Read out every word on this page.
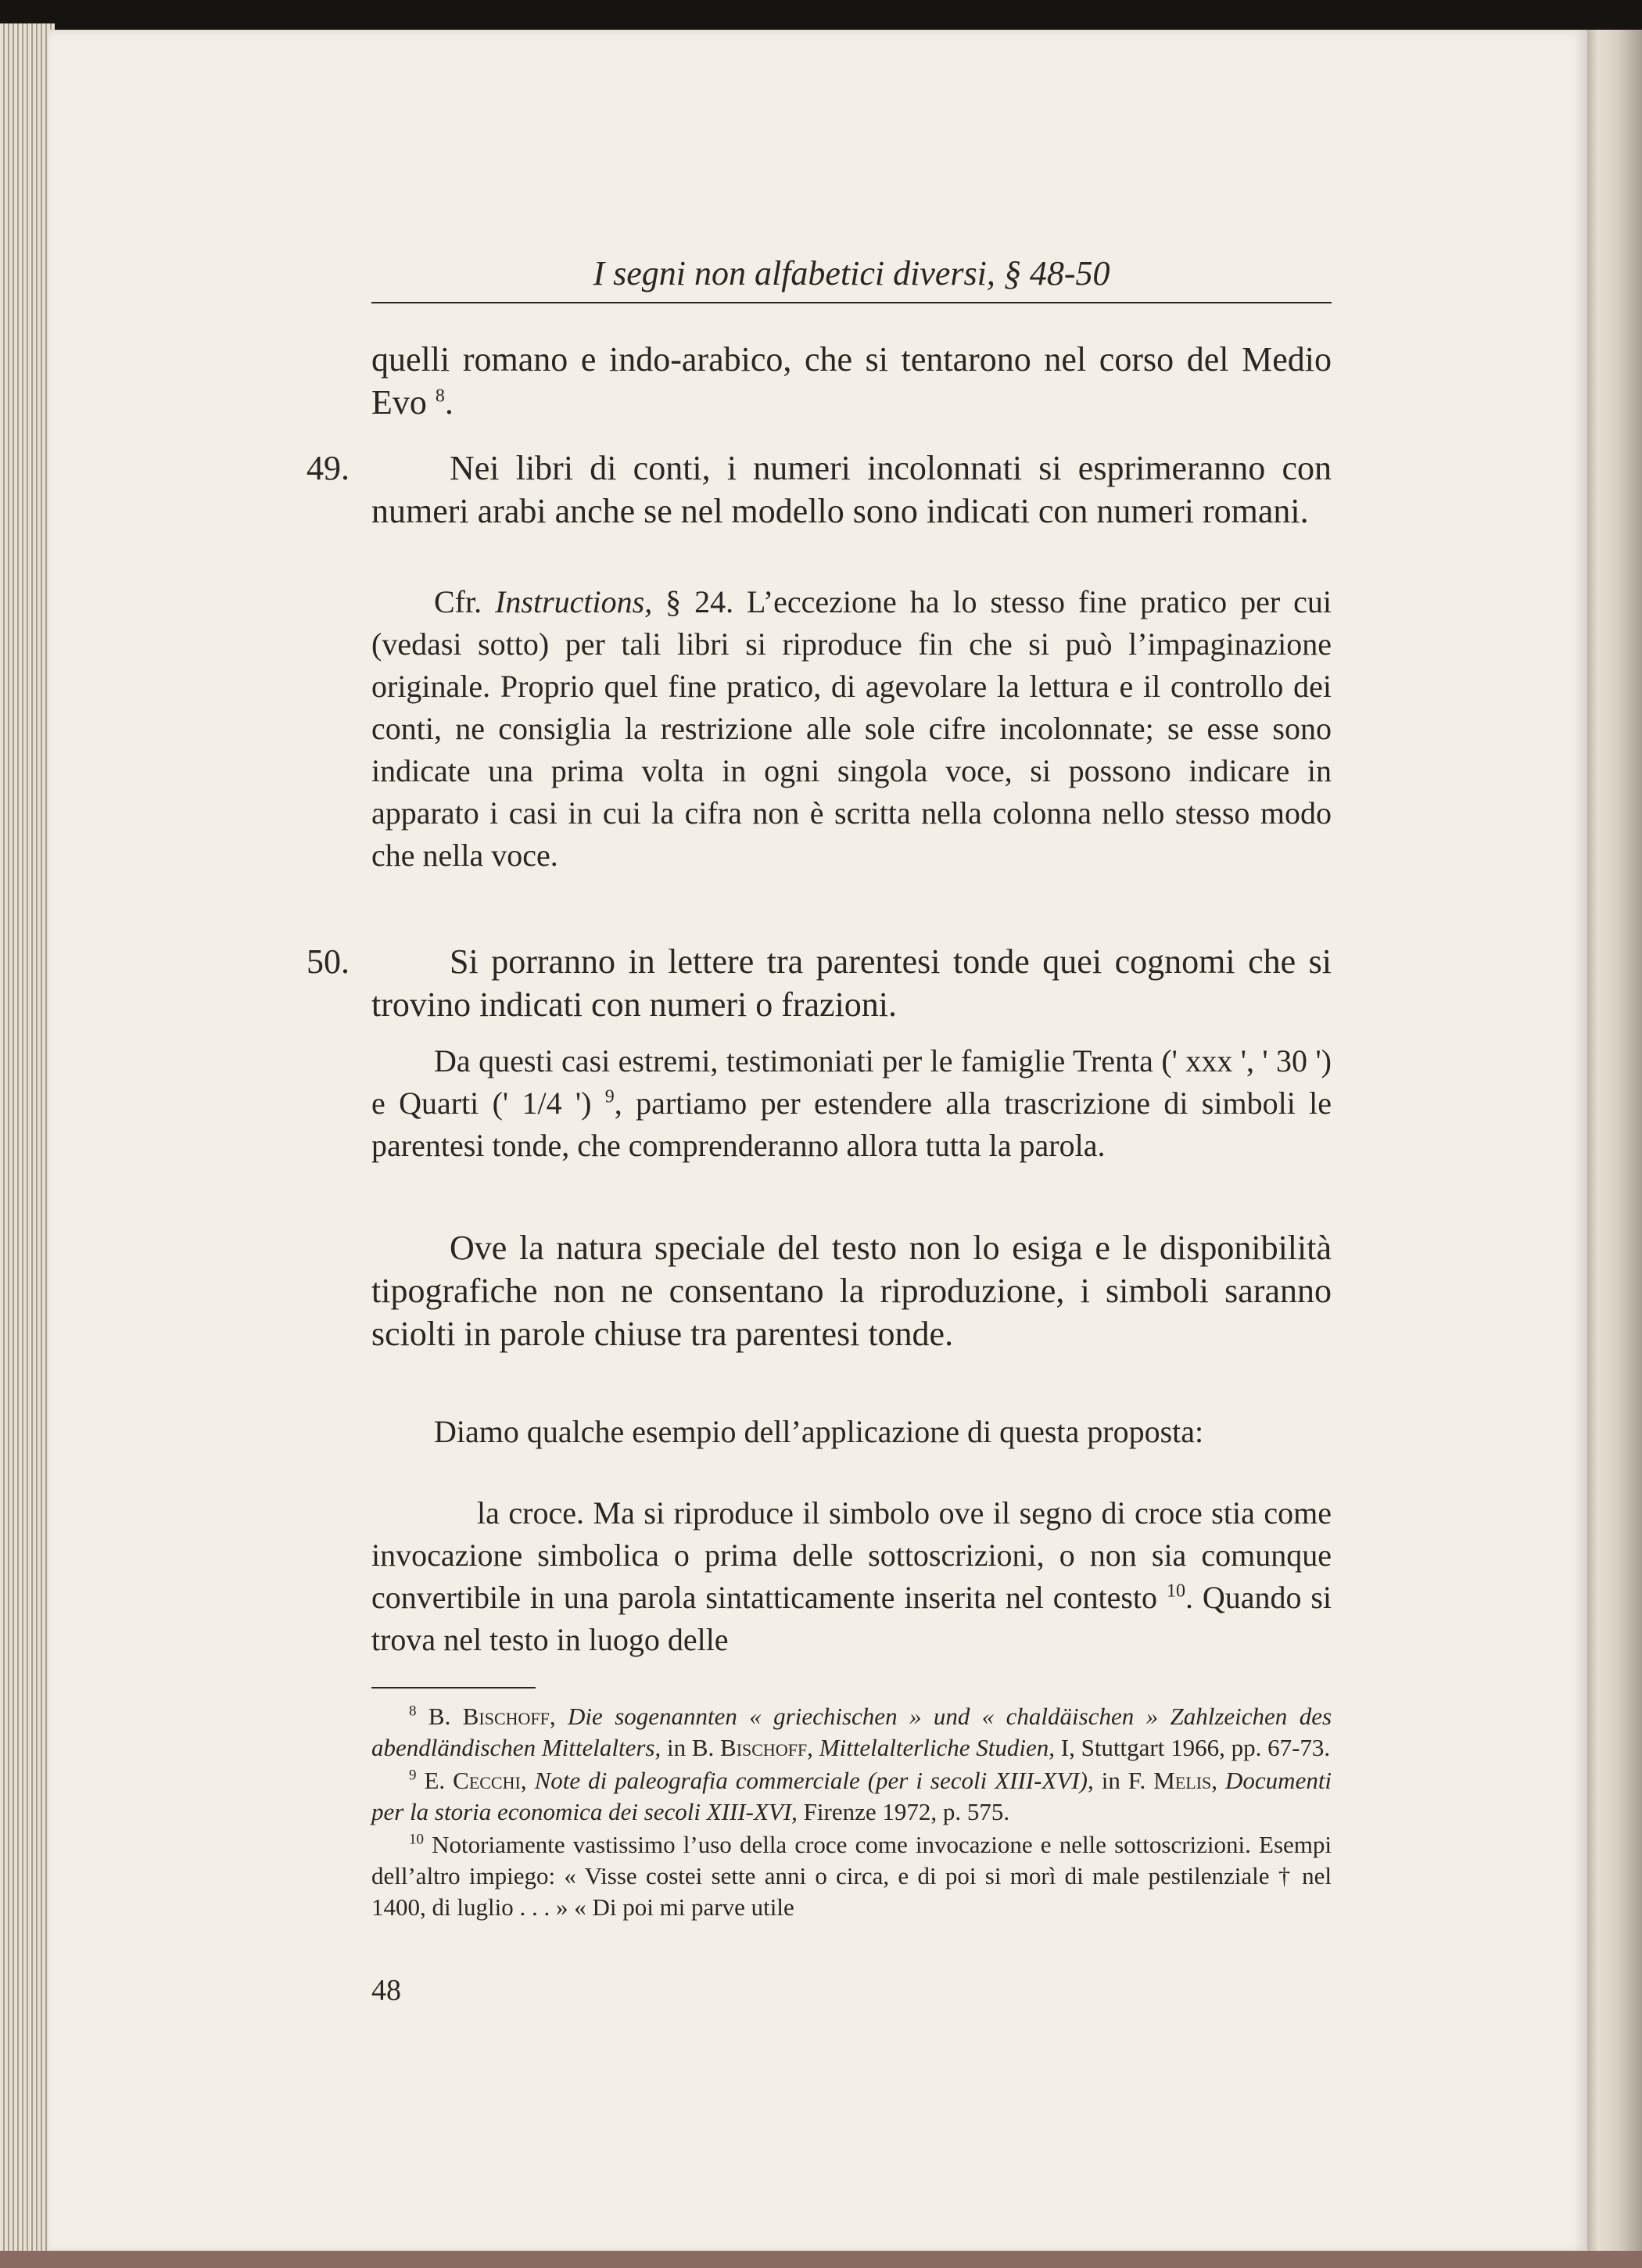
I segni non alfabetici diversi, § 48-50
quelli romano e indo-arabico, che si tentarono nel corso del Medio Evo $^8$.
49.	Nei libri di conti, i numeri incolonnati si esprimeranno con numeri arabi anche se nel modello sono indicati con numeri romani.
Cfr. Instructions, § 24. L’eccezione ha lo stesso fine pratico per cui (vedasi sotto) per tali libri si riproduce fin che si può l’impaginazione originale. Proprio quel fine pratico, di agevolare la lettura e il controllo dei conti, ne consiglia la restrizione alle sole cifre incolonnate; se esse sono indicate una prima volta in ogni singola voce, si possono indicare in apparato i casi in cui la cifra non è scritta nella colonna nello stesso modo che nella voce.
50.	Si porranno in lettere tra parentesi tonde quei cognomi che si trovino indicati con numeri o frazioni.
Da questi casi estremi, testimoniati per le famiglie Trenta (' xxx ', ' 30 ') e Quarti (' 1/4 ') $^9$, partiamo per estendere alla trascrizione di simboli le parentesi tonde, che comprenderanno allora tutta la parola.
Ove la natura speciale del testo non lo esiga e le disponibilità tipografiche non ne consentano la riproduzione, i simboli saranno sciolti in parole chiuse tra parentesi tonde.
Diamo qualche esempio dell’applicazione di questa proposta:
la croce. Ma si riproduce il simbolo ove il segno di croce stia come invocazione simbolica o prima delle sottoscrizioni, o non sia comunque convertibile in una parola sintatticamente inserita nel contesto $^{10}$. Quando si trova nel testo in luogo delle

$^8$ B. Bischoff, Die sogenannten « griechischen » und « chaldäischen » Zahlzeichen des abendländischen Mittelalters, in B. Bischoff, Mittelalterliche Studien, I, Stuttgart 1966, pp. 67-73.

$^9$ E. Cecchi, Note di paleografia commerciale (per i secoli XIII-XVI), in F. Melis, Documenti per la storia economica dei secoli XIII-XVI, Firenze 1972, p. 575.

$^{10}$ Notoriamente vastissimo l’uso della croce come invocazione e nelle sottoscrizioni. Esempi dell’altro impiego: « Visse costei sette anni o circa, e di poi si morì di male pestilenziale † nel 1400, di luglio . . . » « Di poi mi parve utile

48
